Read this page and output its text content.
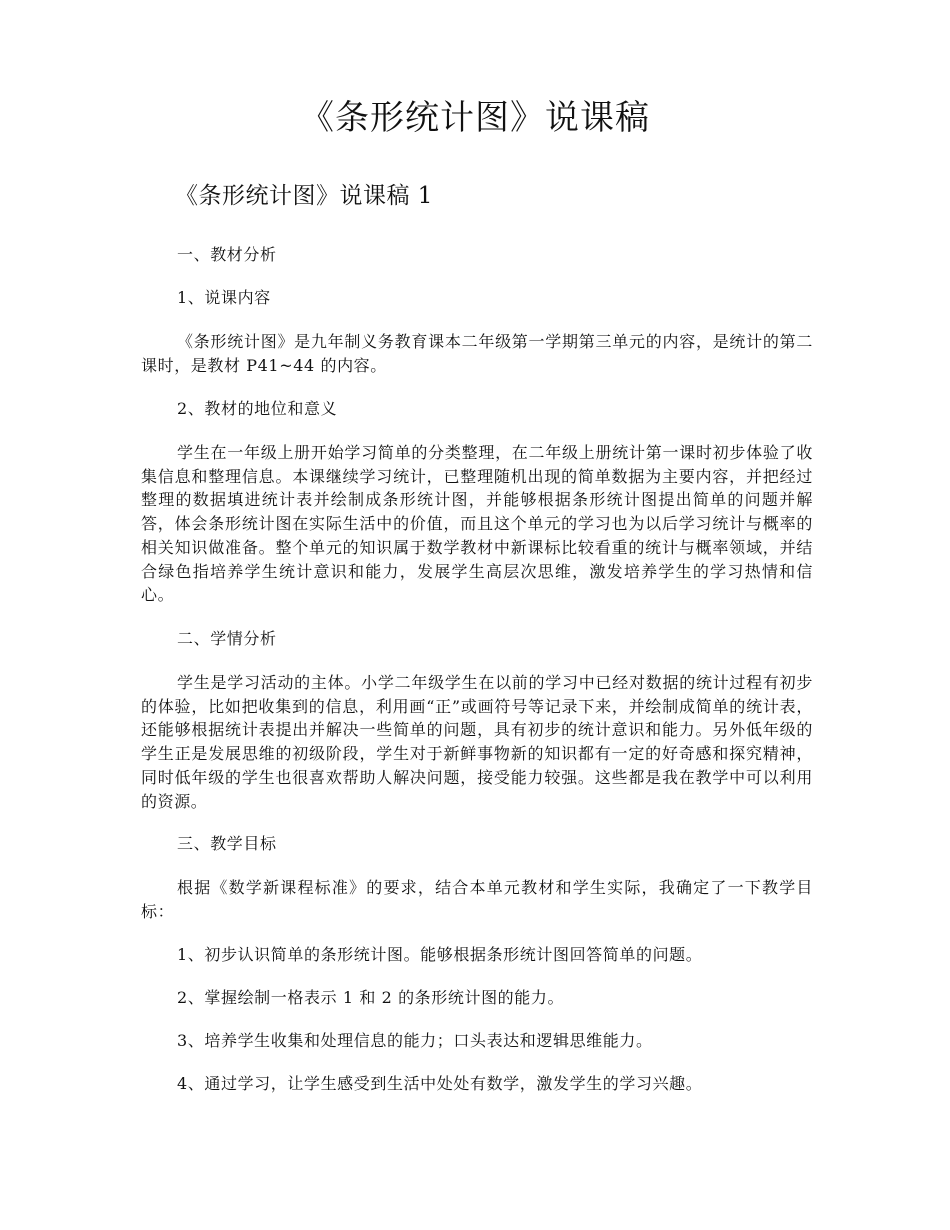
《条形统计图》说课稿
《条形统计图》说课稿 1
一、教材分析
1、说课内容
《条形统计图》是九年制义务教育课本二年级第一学期第三单元的内容，是统计的第二课时，是教材 P41~44 的内容。
2、教材的地位和意义
学生在一年级上册开始学习简单的分类整理，在二年级上册统计第一课时初步体验了收集信息和整理信息。本课继续学习统计，已整理随机出现的简单数据为主要内容，并把经过整理的数据填进统计表并绘制成条形统计图，并能够根据条形统计图提出简单的问题并解答，体会条形统计图在实际生活中的价值，而且这个单元的学习也为以后学习统计与概率的相关知识做准备。整个单元的知识属于数学教材中新课标比较看重的统计与概率领域，并结合绿色指培养学生统计意识和能力，发展学生高层次思维，激发培养学生的学习热情和信心。
二、学情分析
学生是学习活动的主体。小学二年级学生在以前的学习中已经对数据的统计过程有初步的体验，比如把收集到的信息，利用画“正”或画符号等记录下来，并绘制成简单的统计表，还能够根据统计表提出并解决一些简单的问题，具有初步的统计意识和能力。另外低年级的学生正是发展思维的初级阶段，学生对于新鲜事物新的知识都有一定的好奇感和探究精神，同时低年级的学生也很喜欢帮助人解决问题，接受能力较强。这些都是我在教学中可以利用的资源。
三、教学目标
根据《数学新课程标准》的要求，结合本单元教材和学生实际，我确定了一下教学目标：
1、初步认识简单的条形统计图。能够根据条形统计图回答简单的问题。
2、掌握绘制一格表示 1 和 2 的条形统计图的能力。
3、培养学生收集和处理信息的能力；口头表达和逻辑思维能力。
4、通过学习，让学生感受到生活中处处有数学，激发学生的学习兴趣。
